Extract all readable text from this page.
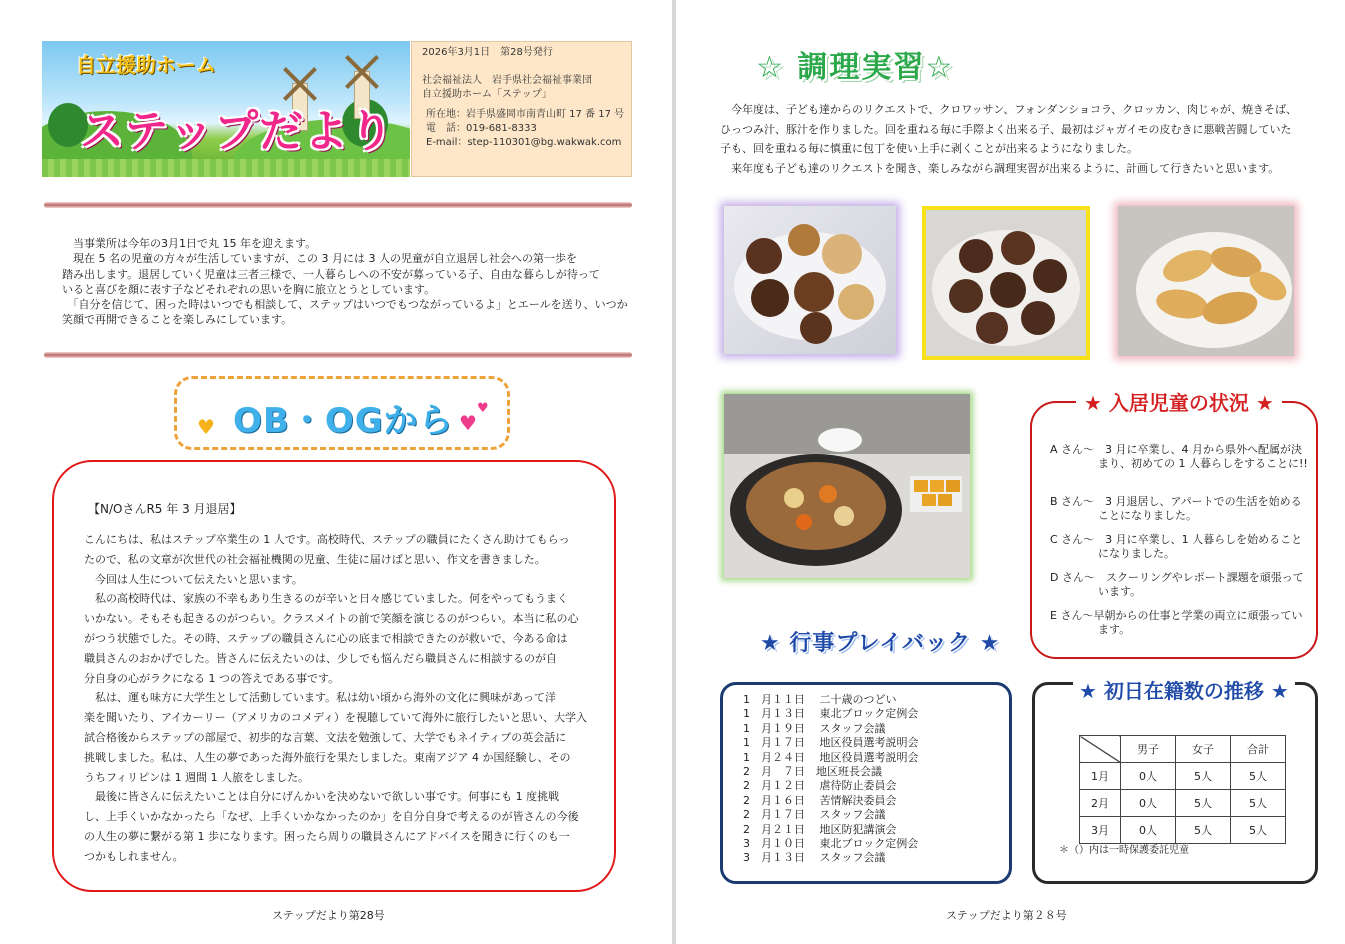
自立援助ホーム
ステップだより
2026年3月1日　第28号発行
社会福祉法人　岩手県社会福祉事業団
自立援助ホーム「ステップ」
所在地：岩手県盛岡市南青山町 17 番 17 号
電　話：019-681-8333
E-mail：step-110301@bg.wakwak.com

　当事業所は今年の3月1日で丸 15 年を迎えます。

　現在 5 名の児童の方々が生活していますが、この 3 月には 3 人の児童が自立退居し社会への第一歩を

踏み出します。退居していく児童は三者三様で、一人暮らしへの不安が募っている子、自由な暮らしが待って

いると喜びを顔に表す子などそれぞれの思いを胸に旅立とうとしています。

　「自分を信じて、困った時はいつでも相談して、ステップはいつでもつながっているよ」とエールを送り、いつか

笑顔で再開できることを楽しみにしています。

♥ OB・OGから ♥
♥
【N/OさんR5 年 3 月退居】

こんにちは、私はステップ卒業生の 1 人です。高校時代、ステップの職員にたくさん助けてもらっ

たので、私の文章が次世代の社会福祉機関の児童、生徒に届けばと思い、作文を書きました。

　今回は人生について伝えたいと思います。

　私の高校時代は、家族の不幸もあり生きるのが辛いと日々感じていました。何をやってもうまく

いかない。そもそも起きるのがつらい。クラスメイトの前で笑顔を演じるのがつらい。本当に私の心

がつう状態でした。その時、ステップの職員さんに心の底まで相談できたのが救いで、今ある命は

職員さんのおかげでした。皆さんに伝えたいのは、少しでも悩んだら職員さんに相談するのが自

分自身の心がラクになる 1 つの答えである事です。

　私は、運も味方に大学生として活動しています。私は幼い頃から海外の文化に興味があって洋

楽を聞いたり、アイカーリー（アメリカのコメディ）を視聴していて海外に旅行したいと思い、大学入

試合格後からステップの部屋で、初歩的な言葉、文法を勉強して、大学でもネイティブの英会話に

挑戦しました。私は、人生の夢であった海外旅行を果たしました。東南アジア 4 か国経験し、その

うちフィリピンは 1 週間 1 人旅をしました。

　最後に皆さんに伝えたいことは自分にげんかいを決めないで欲しい事です。何事にも 1 度挑戦

し、上手くいかなかったら「なぜ、上手くいかなかったのか」を自分自身で考えるのが皆さんの今後

の人生の夢に繋がる第 1 歩になります。困ったら周りの職員さんにアドバイスを聞きに行くのも一

つかもしれません。

ステップだより第28号
☆ 調理実習☆

　今年度は、子ども達からのリクエストで、クロワッサン、フォンダンショコラ、クロッカン、肉じゃが、焼きそば、

ひっつみ汁、豚汁を作りました。回を重ねる毎に手際よく出来る子、最初はジャガイモの皮むきに悪戦苦闘していた

子も、回を重ねる毎に慎重に包丁を使い上手に剥くことが出来るようになりました。

　来年度も子ども達のリクエストを聞き、楽しみながら調理実習が出来るように、計画して行きたいと思います。

★ 入居児童の状況 ★
A さん～　3 月に卒業し、4 月から県外へ配属が決まり、初めての 1 人暮らしをすることに!!
B さん～　3 月退居し、アパートでの生活を始めることになりました。
C さん～　3 月に卒業し、1 人暮らしを始めることになりました。
D さん～　スクーリングやレポート課題を頑張っています。
E さん～早朝からの仕事と学業の両立に頑張っています。
★ 行事プレイバック ★
1　月１１日　 二十歳のつどい
1　月１３日　 東北ブロック定例会
1　月１９日　 スタッフ会議
1　月１７日　 地区役員選考説明会
1　月２４日　 地区役員選考説明会
2　月　７日　地区班長会議
2　月１２日　 虐待防止委員会
2　月１６日　 苦情解決委員会
2　月１７日　 スタッフ会議
2　月２１日　 地区防犯講演会
3　月１０日　 東北ブロック定例会
3　月１３日　 スタッフ会議
★ 初日在籍数の推移 ★
	男子	女子	合計
1月	0人	5人	5人
2月	0人	5人	5人
3月	0人	5人	5人
＊（）内は一時保護委託児童
ステップだより第２８号
